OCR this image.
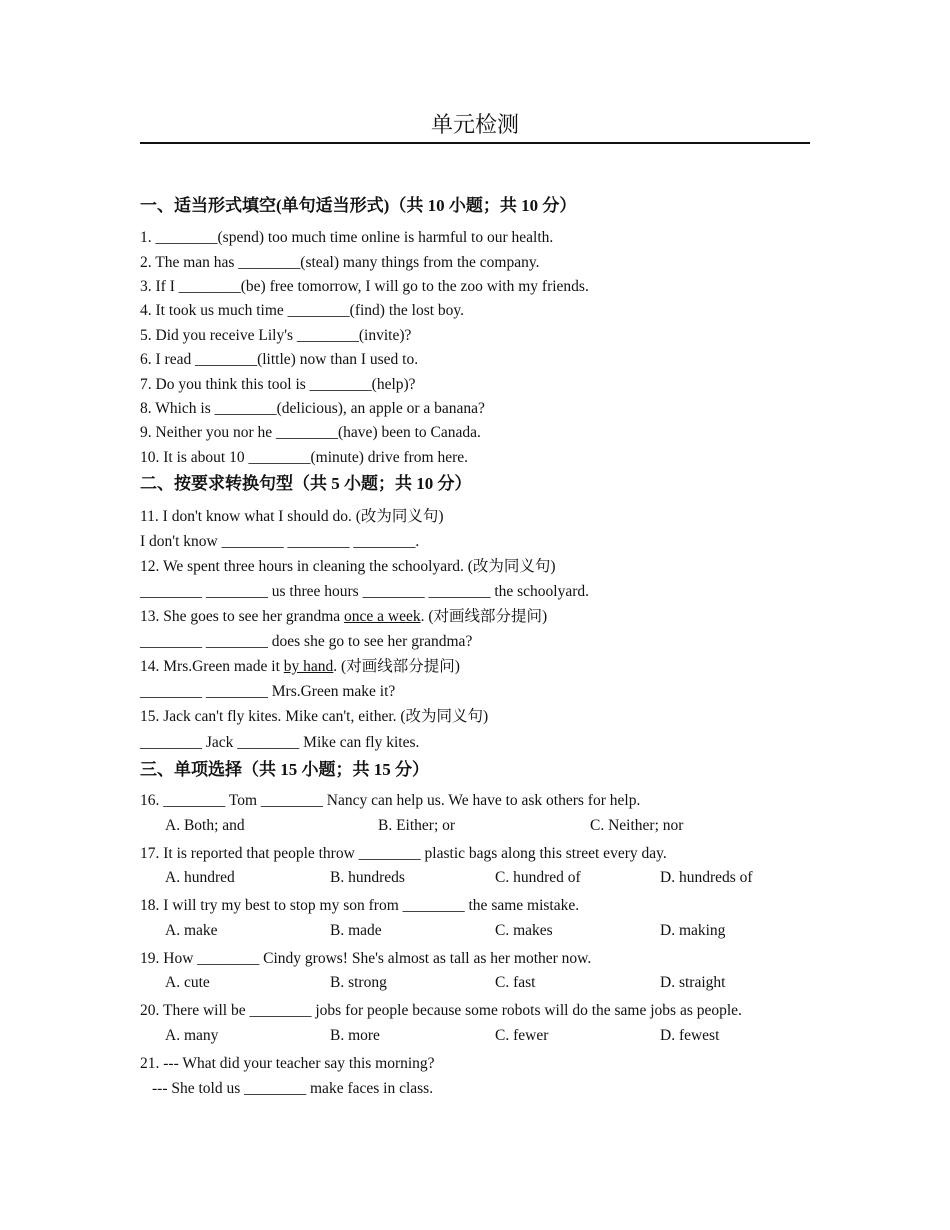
单元检测
一、适当形式填空(单句适当形式)（共 10 小题；共 10 分）
1. ________(spend) too much time online is harmful to our health.
2. The man has ________(steal) many things from the company.
3. If I ________(be) free tomorrow, I will go to the zoo with my friends.
4. It took us much time ________(find) the lost boy.
5. Did you receive Lily's ________(invite)?
6. I read ________(little) now than I used to.
7. Do you think this tool is ________(help)?
8. Which is ________(delicious), an apple or a banana?
9. Neither you nor he ________(have) been to Canada.
10. It is about 10 ________(minute) drive from here.
二、按要求转换句型（共 5 小题；共 10 分）
11. I don't know what I should do. (改为同义句)
I don't know ________ ________ ________.
12. We spent three hours in cleaning the schoolyard. (改为同义句)
________ ________ us three hours ________ ________ the schoolyard.
13. She goes to see her grandma once a week. (对画线部分提问)
________ ________ does she go to see her grandma?
14. Mrs.Green made it by hand. (对画线部分提问)
________ ________ Mrs.Green make it?
15. Jack can't fly kites. Mike can't, either. (改为同义句)
________ Jack ________ Mike can fly kites.
三、单项选择（共 15 小题；共 15 分）
16. ________ Tom ________ Nancy can help us. We have to ask others for help.
A. Both; and	B. Either; or	C. Neither; nor
17. It is reported that people throw ________ plastic bags along this street every day.
A. hundred	B. hundreds	C. hundred of	D. hundreds of
18. I will try my best to stop my son from ________ the same mistake.
A. make	B. made	C. makes	D. making
19. How ________ Cindy grows! She's almost as tall as her mother now.
A. cute	B. strong	C. fast	D. straight
20. There will be ________ jobs for people because some robots will do the same jobs as people.
A. many	B. more	C. fewer	D. fewest
21. --- What did your teacher say this morning?
--- She told us ________ make faces in class.
